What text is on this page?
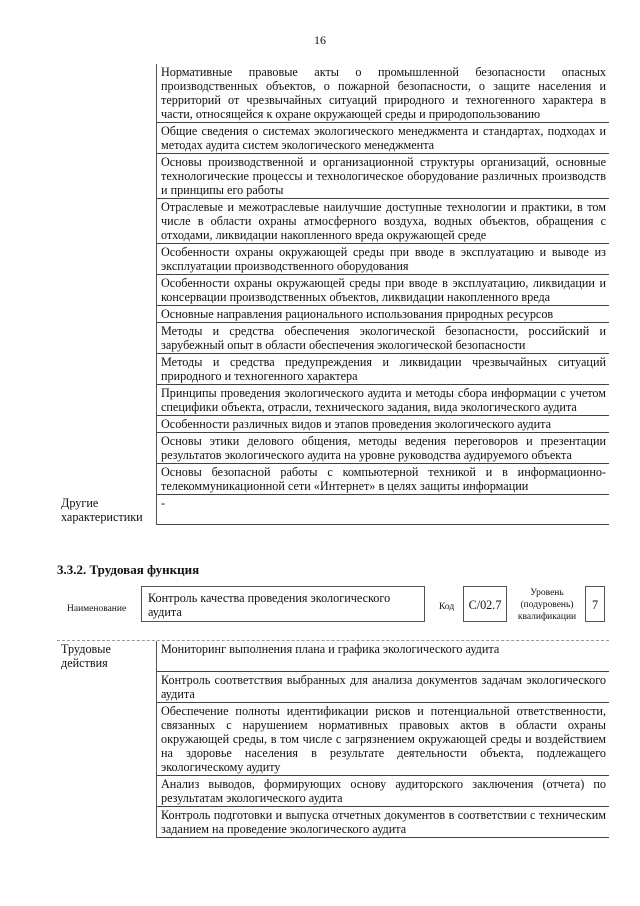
16
	Нормативные правовые акты о промышленной безопасности опасных производственных объектов, о пожарной безопасности, о защите населения и территорий от чрезвычайных ситуаций природного и техногенного характера в части, относящейся к охране окружающей среды и природопользованию
	Общие сведения о системах экологического менеджмента и стандартах, подходах и методах аудита систем экологического менеджмента
	Основы производственной и организационной структуры организаций, основные технологические процессы и технологическое оборудование различных производств и принципы его работы
	Отраслевые и межотраслевые наилучшие доступные технологии и практики, в том числе в области охраны атмосферного воздуха, водных объектов, обращения с отходами, ликвидации накопленного вреда окружающей среде
	Особенности охраны окружающей среды при вводе в эксплуатацию и выводе из эксплуатации производственного оборудования
	Особенности охраны окружающей среды при вводе в эксплуатацию, ликвидации и консервации производственных объектов, ликвидации накопленного вреда
	Основные направления рационального использования природных ресурсов
	Методы и средства обеспечения экологической безопасности, российский и зарубежный опыт в области обеспечения экологической безопасности
	Методы и средства предупреждения и ликвидации чрезвычайных ситуаций природного и техногенного характера
	Принципы проведения экологического аудита и методы сбора информации с учетом специфики объекта, отрасли, технического задания, вида экологического аудита
	Особенности различных видов и этапов проведения экологического аудита
	Основы этики делового общения, методы ведения переговоров и презентации результатов экологического аудита на уровне руководства аудируемого объекта
	Основы безопасной работы с компьютерной техникой и в информационно-телекоммуникационной сети «Интернет» в целях защиты информации
Другие характеристики	-
3.3.2. Трудовая функция
Наименование
Контроль качества проведения экологического аудита	Код	С/02.7
Уровень (подуровень) квалификации
7
Трудовые действия	Мониторинг выполнения плана и графика экологического аудита
	Контроль соответствия выбранных для анализа документов задачам экологического аудита
	Обеспечение полноты идентификации рисков и потенциальной ответственности, связанных с нарушением нормативных правовых актов в области охраны окружающей среды, в том числе с загрязнением окружающей среды и воздействием на здоровье населения в результате деятельности объекта, подлежащего экологическому аудиту
	Анализ выводов, формирующих основу аудиторского заключения (отчета) по результатам экологического аудита
	Контроль подготовки и выпуска отчетных документов в соответствии с техническим заданием на проведение экологического аудита
